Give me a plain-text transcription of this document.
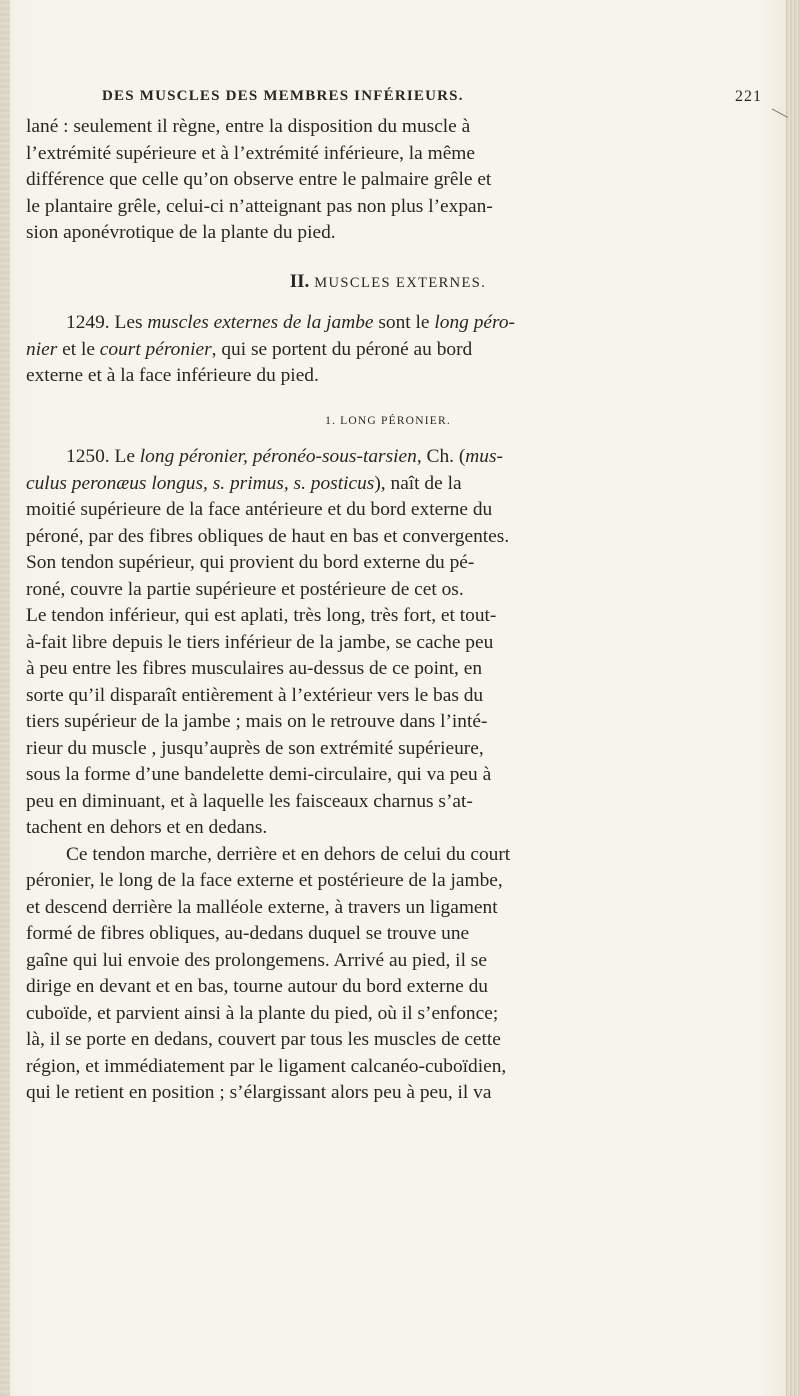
DES MUSCLES DES MEMBRES INFÉRIEURS.	221

lané : seulement il règne, entre la disposition du muscle à

l’extrémité supérieure et à l’extrémité inférieure, la même

différence que celle qu’on observe entre le palmaire grêle et

le plantaire grêle, celui-ci n’atteignant pas non plus l’expan-

sion aponévrotique de la plante du pied.

II. MUSCLES EXTERNES.

1249. Les muscles externes de la jambe sont le long péro-

nier et le court péronier, qui se portent du péroné au bord

externe et à la face inférieure du pied.

1. LONG PÉRONIER.

1250. Le long péronier, péronéo-sous-tarsien, Ch. (mus-

culus peronæus longus, s. primus, s. posticus), naît de la

moitié supérieure de la face antérieure et du bord externe du

péroné, par des fibres obliques de haut en bas et convergentes.

Son tendon supérieur, qui provient du bord externe du pé-

roné, couvre la partie supérieure et postérieure de cet os.

Le tendon inférieur, qui est aplati, très long, très fort, et tout-

à-fait libre depuis le tiers inférieur de la jambe, se cache peu

à peu entre les fibres musculaires au-dessus de ce point, en

sorte qu’il disparaît entièrement à l’extérieur vers le bas du

tiers supérieur de la jambe ; mais on le retrouve dans l’inté-

rieur du muscle , jusqu’auprès de son extrémité supérieure,

sous la forme d’une bandelette demi-circulaire, qui va peu à

peu en diminuant, et à laquelle les faisceaux charnus s’at-

tachent en dehors et en dedans.

Ce tendon marche, derrière et en dehors de celui du court

péronier, le long de la face externe et postérieure de la jambe,

et descend derrière la malléole externe, à travers un ligament

formé de fibres obliques, au-dedans duquel se trouve une

gaîne qui lui envoie des prolongemens. Arrivé au pied, il se

dirige en devant et en bas, tourne autour du bord externe du

cuboïde, et parvient ainsi à la plante du pied, où il s’enfonce;

là, il se porte en dedans, couvert par tous les muscles de cette

région, et immédiatement par le ligament calcanéo-cuboïdien,

qui le retient en position ; s’élargissant alors peu à peu, il va
